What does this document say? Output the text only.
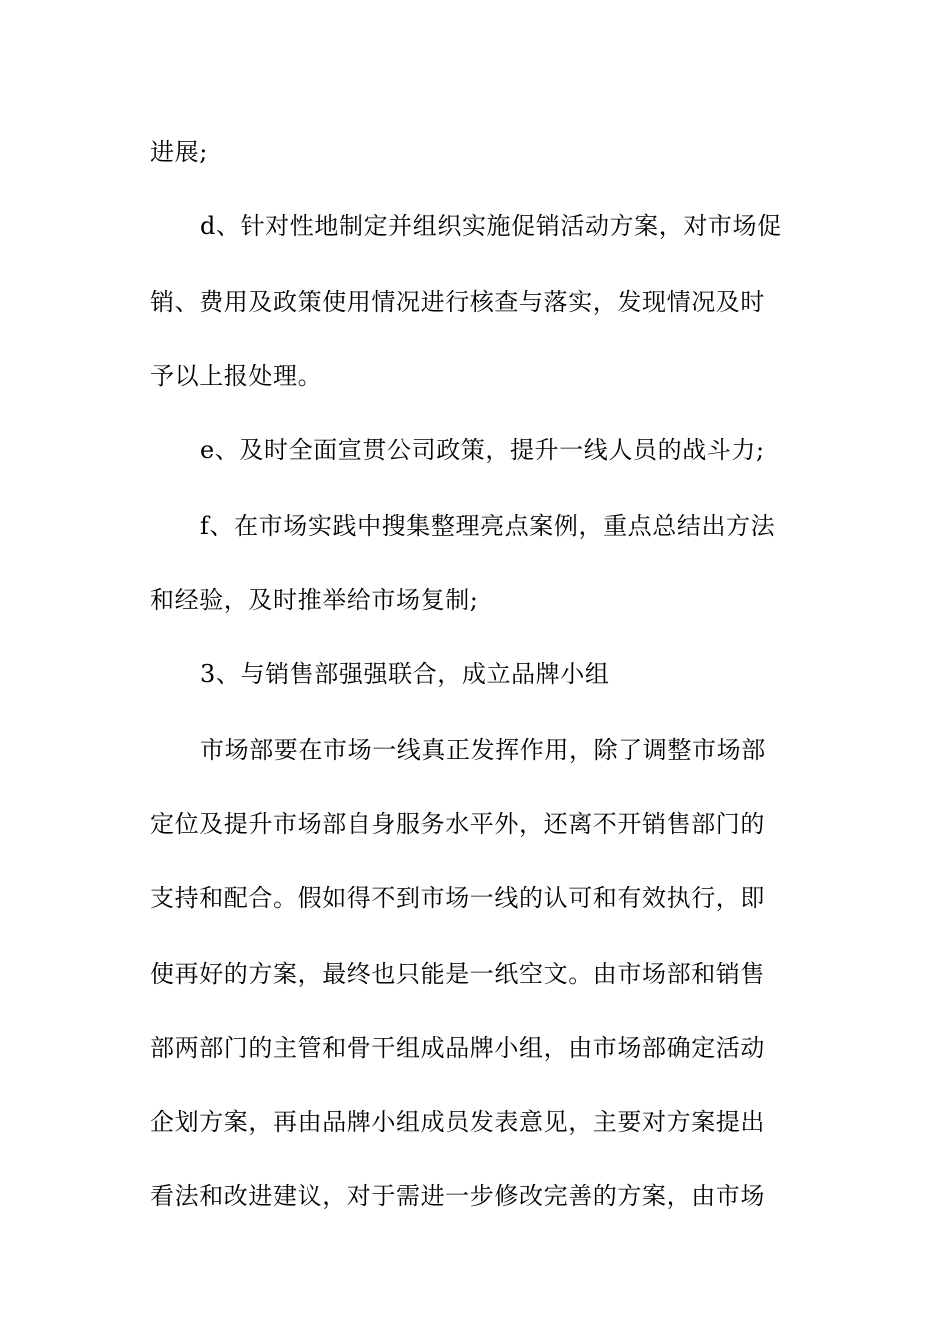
进展;
d、针对性地制定并组织实施促销活动方案，对市场促
销、费用及政策使用情况进行核查与落实，发现情况及时
予以上报处理。
e、及时全面宣贯公司政策，提升一线人员的战斗力;
f、在市场实践中搜集整理亮点案例，重点总结出方法
和经验，及时推举给市场复制;
3、与销售部强强联合，成立品牌小组
市场部要在市场一线真正发挥作用，除了调整市场部
定位及提升市场部自身服务水平外，还离不开销售部门的
支持和配合。假如得不到市场一线的认可和有效执行，即
使再好的方案，最终也只能是一纸空文。由市场部和销售
部两部门的主管和骨干组成品牌小组，由市场部确定活动
企划方案，再由品牌小组成员发表意见，主要对方案提出
看法和改进建议，对于需进一步修改完善的方案，由市场
